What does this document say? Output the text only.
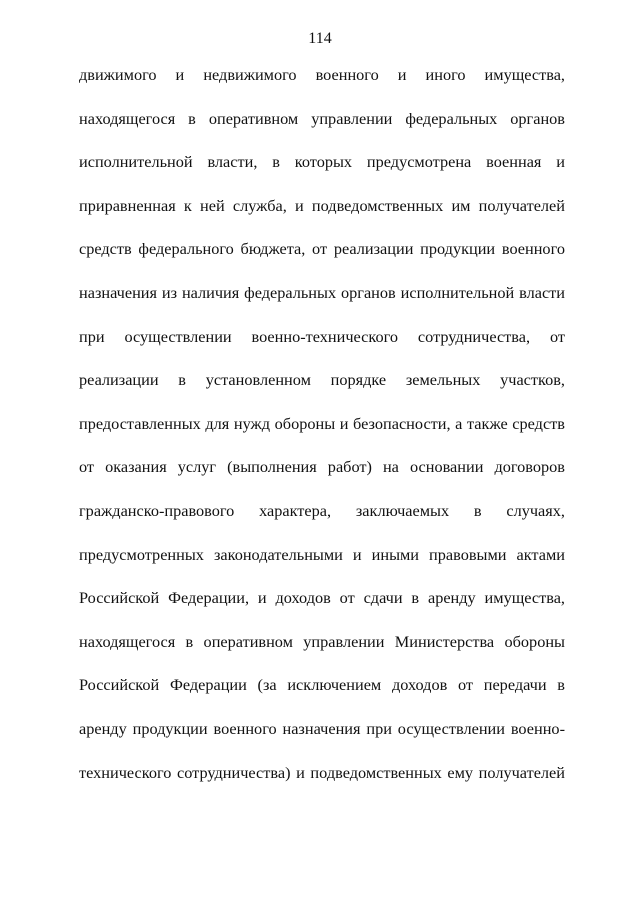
114
движимого и недвижимого военного и иного имущества,
находящегося в оперативном управлении федеральных органов
исполнительной власти, в которых предусмотрена военная и
приравненная к ней служба, и подведомственных им получателей
средств федерального бюджета, от реализации продукции военного
назначения из наличия федеральных органов исполнительной власти
при осуществлении военно-технического сотрудничества, от
реализации в установленном порядке земельных участков,
предоставленных для нужд обороны и безопасности, а также средств
от оказания услуг (выполнения работ) на основании договоров
гражданско-правового характера, заключаемых в случаях,
предусмотренных законодательными и иными правовыми актами
Российской Федерации, и доходов от сдачи в аренду имущества,
находящегося в оперативном управлении Министерства обороны
Российской Федерации (за исключением доходов от передачи в
аренду продукции военного назначения при осуществлении военно-
технического сотрудничества) и подведомственных ему получателей
